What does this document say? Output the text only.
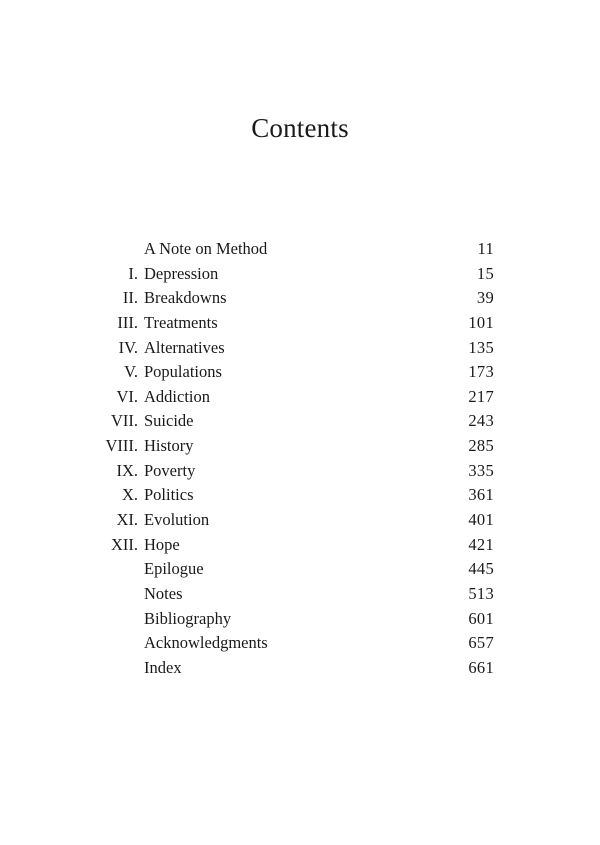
Contents
A Note on Method	11
I. Depression	15
II. Breakdowns	39
III. Treatments	101
IV. Alternatives	135
V. Populations	173
VI. Addiction	217
VII. Suicide	243
VIII. History	285
IX. Poverty	335
X. Politics	361
XI. Evolution	401
XII. Hope	421
Epilogue	445
Notes	513
Bibliography	601
Acknowledgments	657
Index	661
